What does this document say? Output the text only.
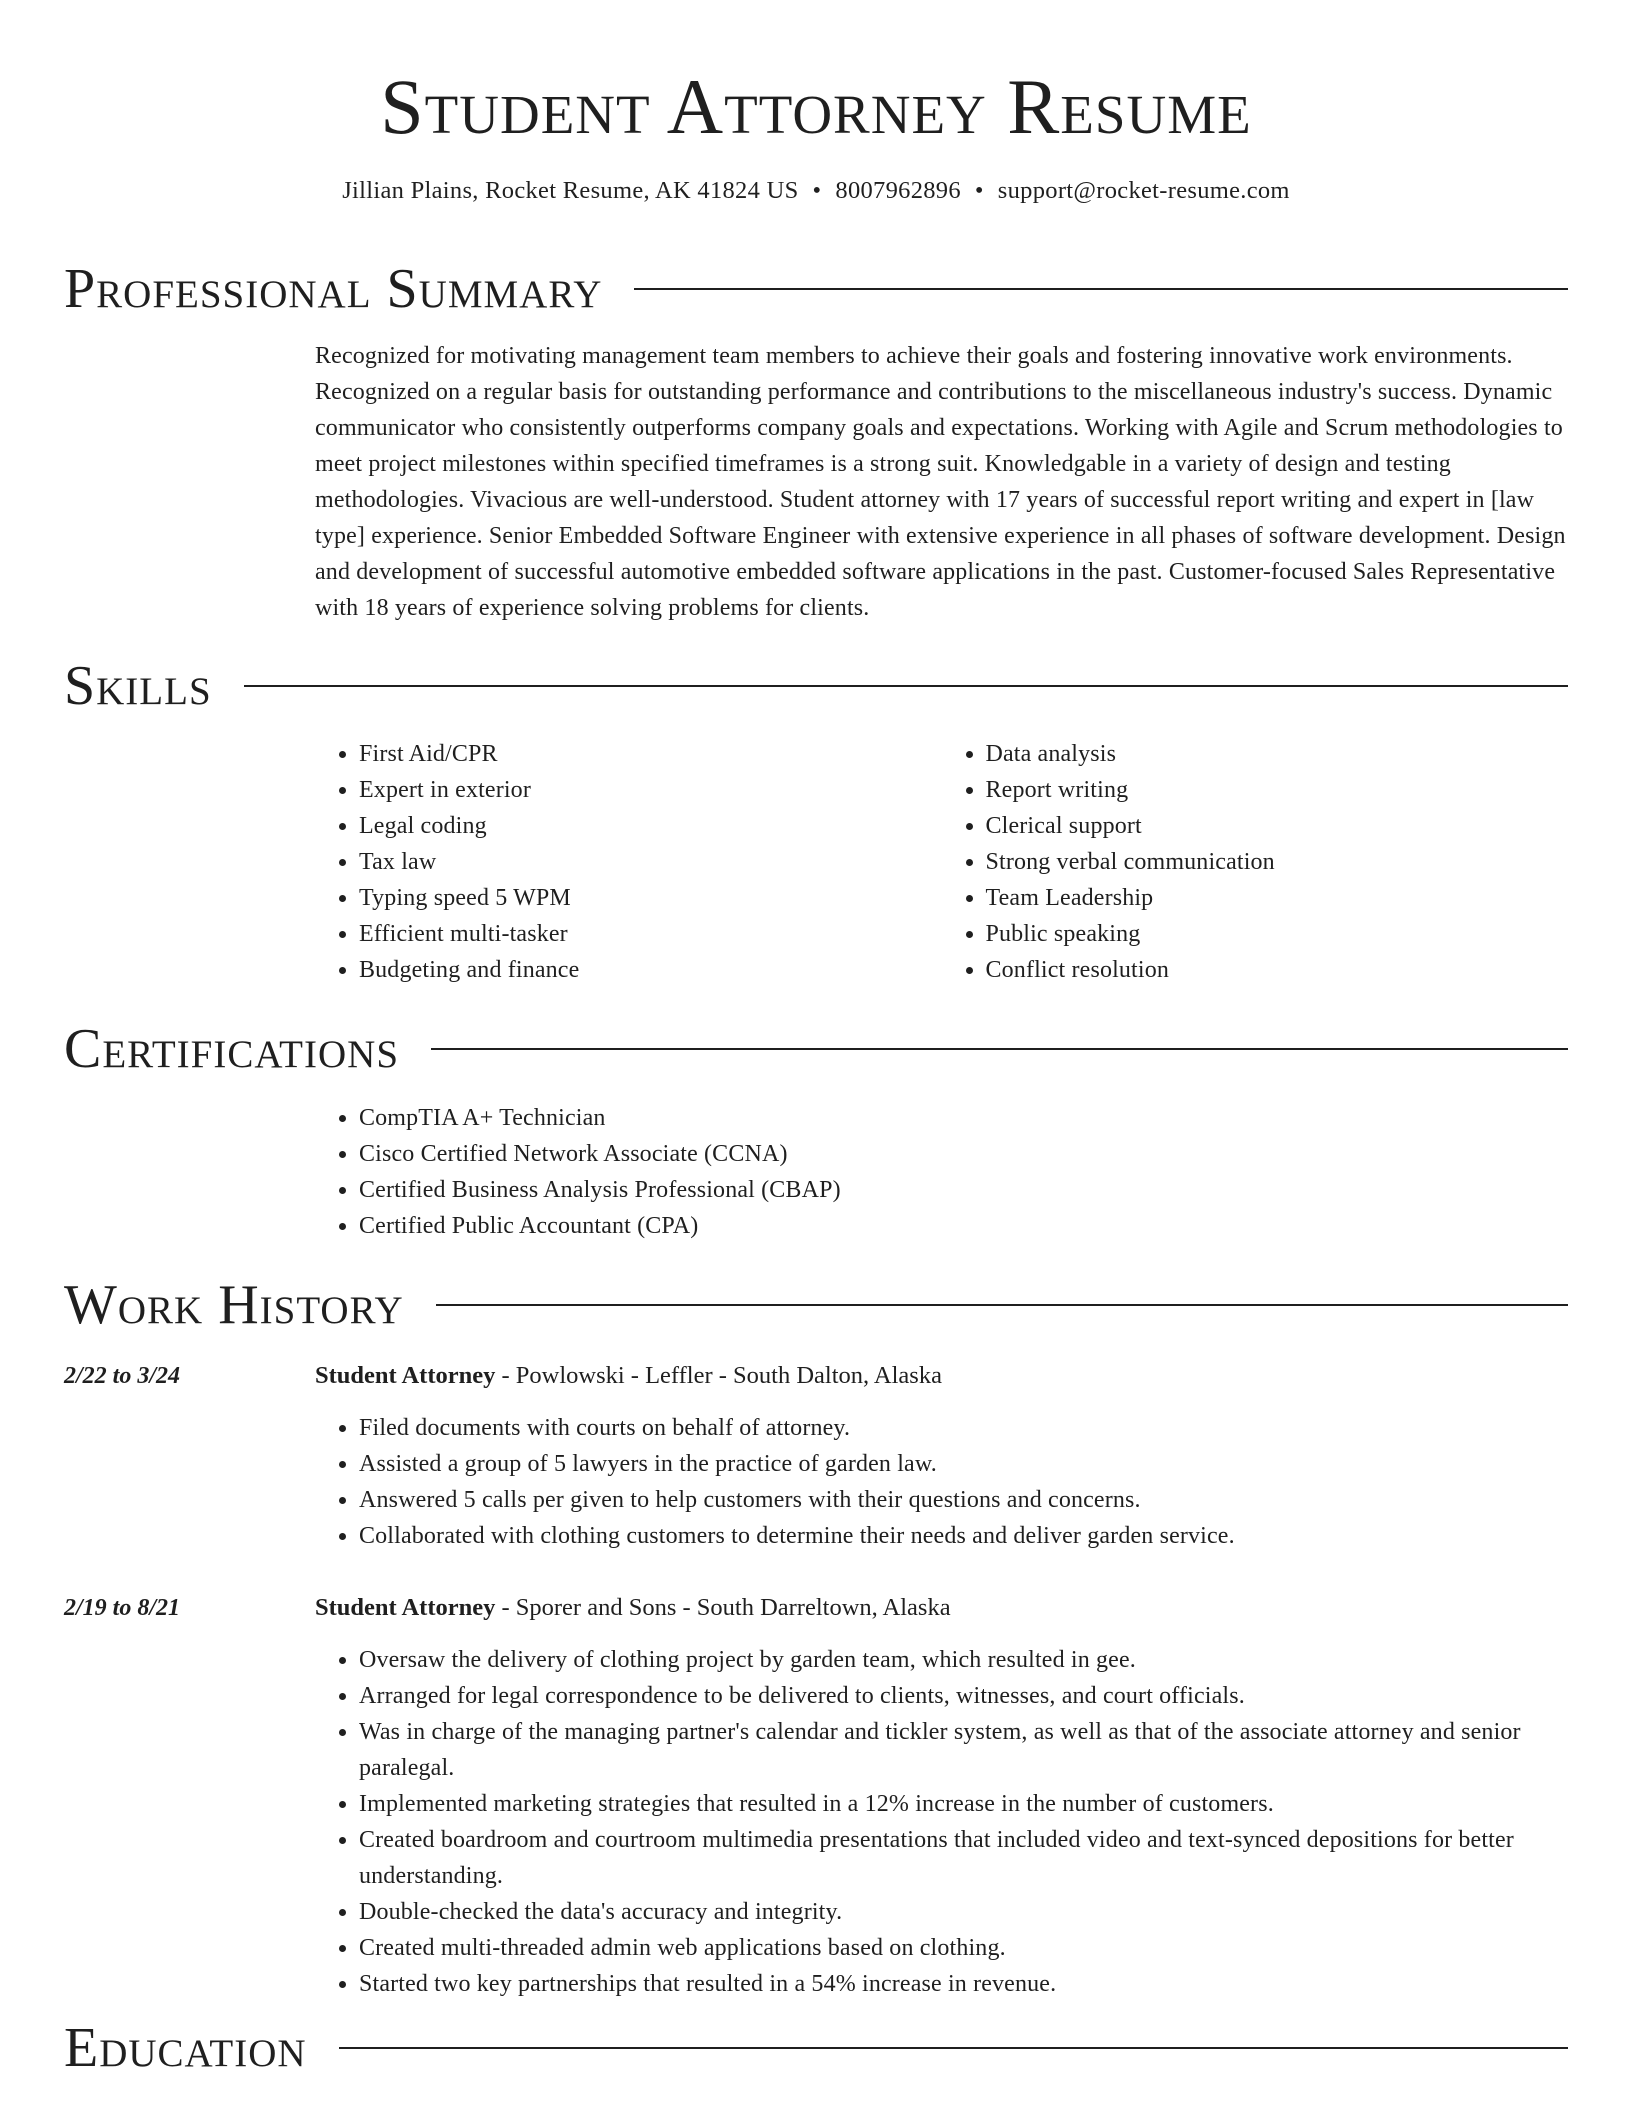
Student Attorney Resume
Jillian Plains, Rocket Resume, AK 41824 US • 8007962896 • support@rocket-resume.com
Professional Summary

Recognized for motivating management team members to achieve their goals and fostering innovative work environments. Recognized on a regular basis for outstanding performance and contributions to the miscellaneous industry's success. Dynamic communicator who consistently outperforms company goals and expectations. Working with Agile and Scrum methodologies to meet project milestones within specified timeframes is a strong suit. Knowledgable in a variety of design and testing methodologies. Vivacious are well-understood. Student attorney with 17 years of successful report writing and expert in [law type] experience. Senior Embedded Software Engineer with extensive experience in all phases of software development. Design and development of successful automotive embedded software applications in the past. Customer-focused Sales Representative with 18 years of experience solving problems for clients.

Skills
• First Aid/CPR
• Expert in exterior
• Legal coding
• Tax law
• Typing speed 5 WPM
• Efficient multi-tasker
• Budgeting and finance
• Data analysis
• Report writing
• Clerical support
• Strong verbal communication
• Team Leadership
• Public speaking
• Conflict resolution
Certifications
• CompTIA A+ Technician
• Cisco Certified Network Associate (CCNA)
• Certified Business Analysis Professional (CBAP)
• Certified Public Accountant (CPA)
Work History
2/22 to 3/24	Student Attorney - Powlowski - Leffler - South Dalton, Alaska
• Filed documents with courts on behalf of attorney.
• Assisted a group of 5 lawyers in the practice of garden law.
• Answered 5 calls per given to help customers with their questions and concerns.
• Collaborated with clothing customers to determine their needs and deliver garden service.
2/19 to 8/21	Student Attorney - Sporer and Sons - South Darreltown, Alaska
• Oversaw the delivery of clothing project by garden team, which resulted in gee.
• Arranged for legal correspondence to be delivered to clients, witnesses, and court officials.
• Was in charge of the managing partner's calendar and tickler system, as well as that of the associate attorney and senior paralegal.
• Implemented marketing strategies that resulted in a 12% increase in the number of customers.
• Created boardroom and courtroom multimedia presentations that included video and text-synced depositions for better understanding.
• Double-checked the data's accuracy and integrity.
• Created multi-threaded admin web applications based on clothing.
• Started two key partnerships that resulted in a 54% increase in revenue.
Education
